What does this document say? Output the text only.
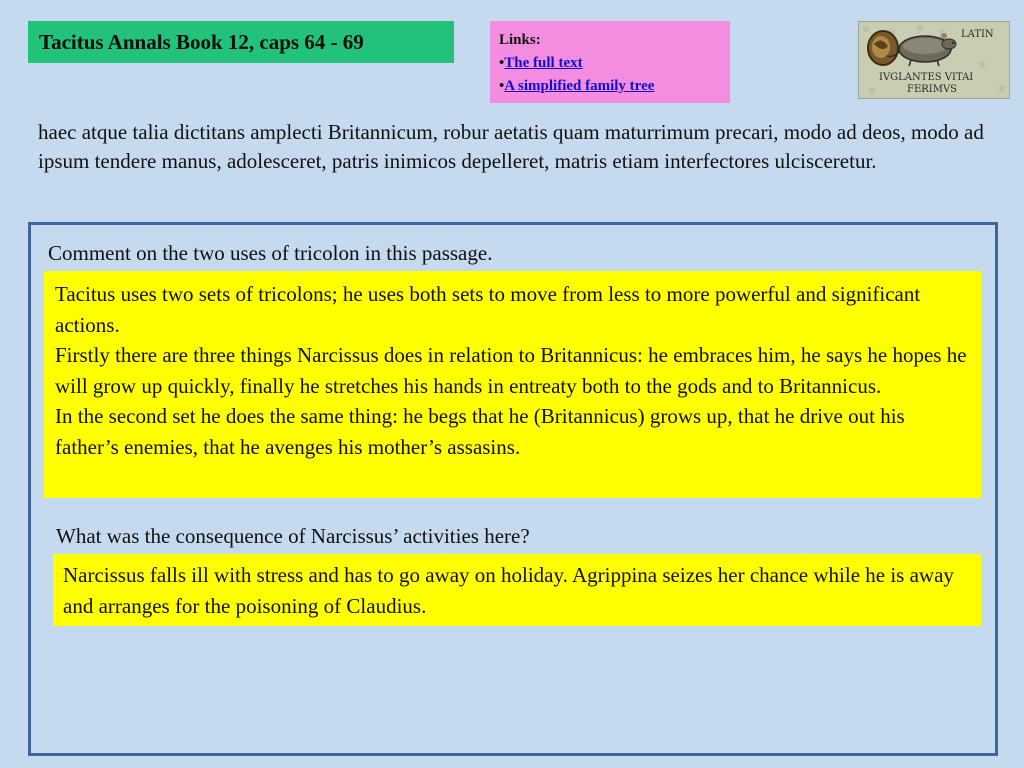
Tacitus Annals Book 12, caps 64 - 69	Links:
•The full text
•A simplified family tree
LATIN
IVGLANTES VITAI
FERIMVS
haec atque talia dictitans amplecti Britannicum, robur aetatis quam maturrimum precari, modo ad deos, modo ad ipsum tendere manus, adolesceret, patris inimicos depelleret, matris etiam interfectores ulcisceretur.
Comment on the two uses of tricolon in this passage.
Tacitus uses two sets of tricolons; he uses both sets to move from less to more powerful and significant actions.
Firstly there are three things Narcissus does in relation to Britannicus: he embraces him, he says he hopes he will grow up quickly, finally he stretches his hands in entreaty both to the gods and to Britannicus.
In the second set he does the same thing: he begs that he (Britannicus) grows up, that he drive out his father’s enemies, that he avenges his mother’s assasins.
What was the consequence of Narcissus’ activities here?
Narcissus falls ill with stress and has to go away on holiday. Agrippina seizes her chance while he is away and arranges for the poisoning of Claudius.
